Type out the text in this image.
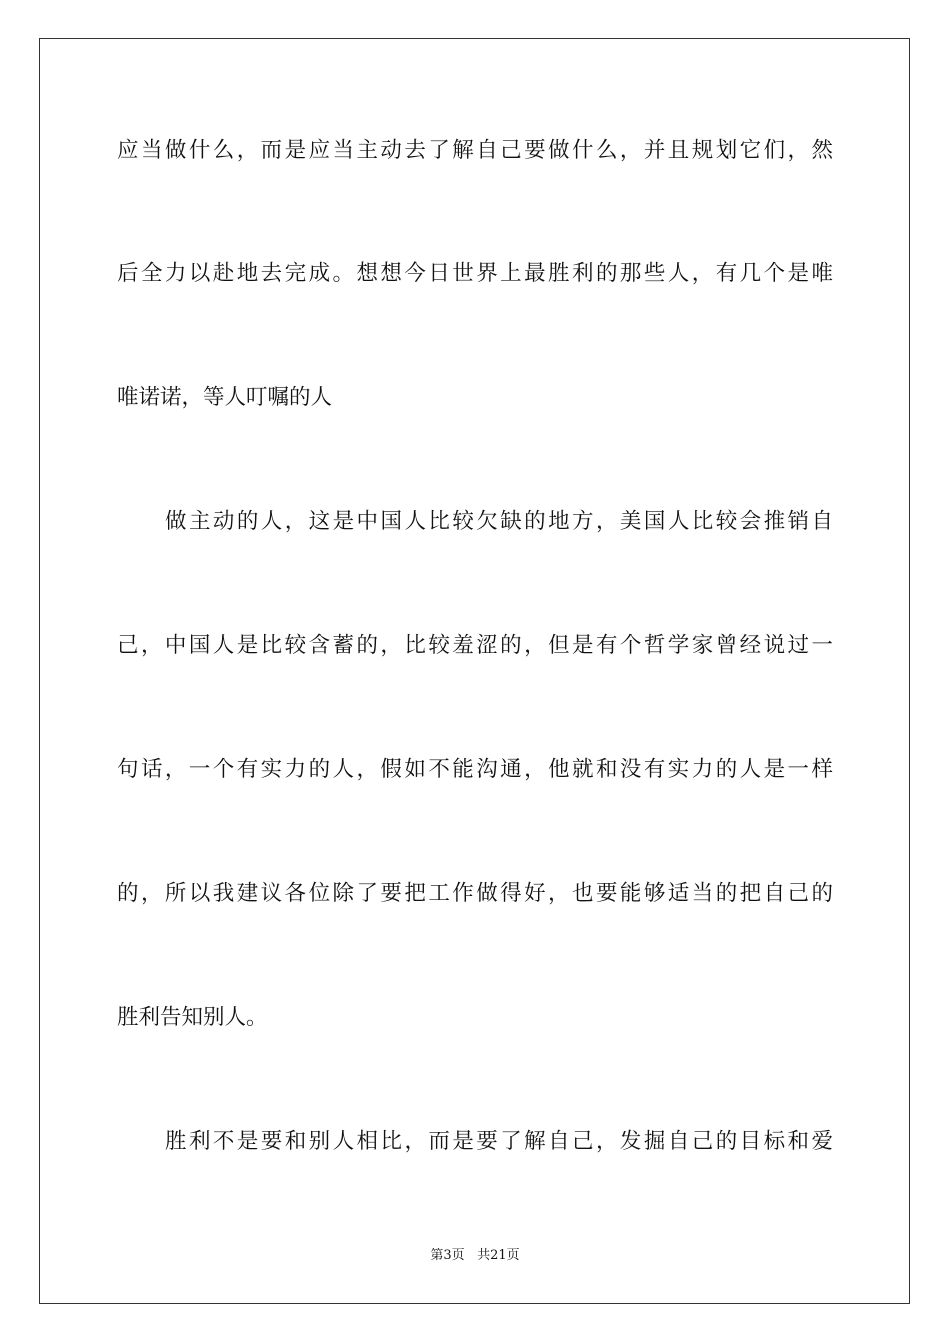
应当做什么，而是应当主动去了解自己要做什么，并且规划它们，然
后全力以赴地去完成。想想今日世界上最胜利的那些人，有几个是唯
唯诺诺，等人叮嘱的人
做主动的人，这是中国人比较欠缺的地方，美国人比较会推销自
己，中国人是比较含蓄的，比较羞涩的，但是有个哲学家曾经说过一
句话，一个有实力的人，假如不能沟通，他就和没有实力的人是一样
的，所以我建议各位除了要把工作做得好，也要能够适当的把自己的
胜利告知别人。
胜利不是要和别人相比，而是要了解自己，发掘自己的目标和爱
第3页 共21页
